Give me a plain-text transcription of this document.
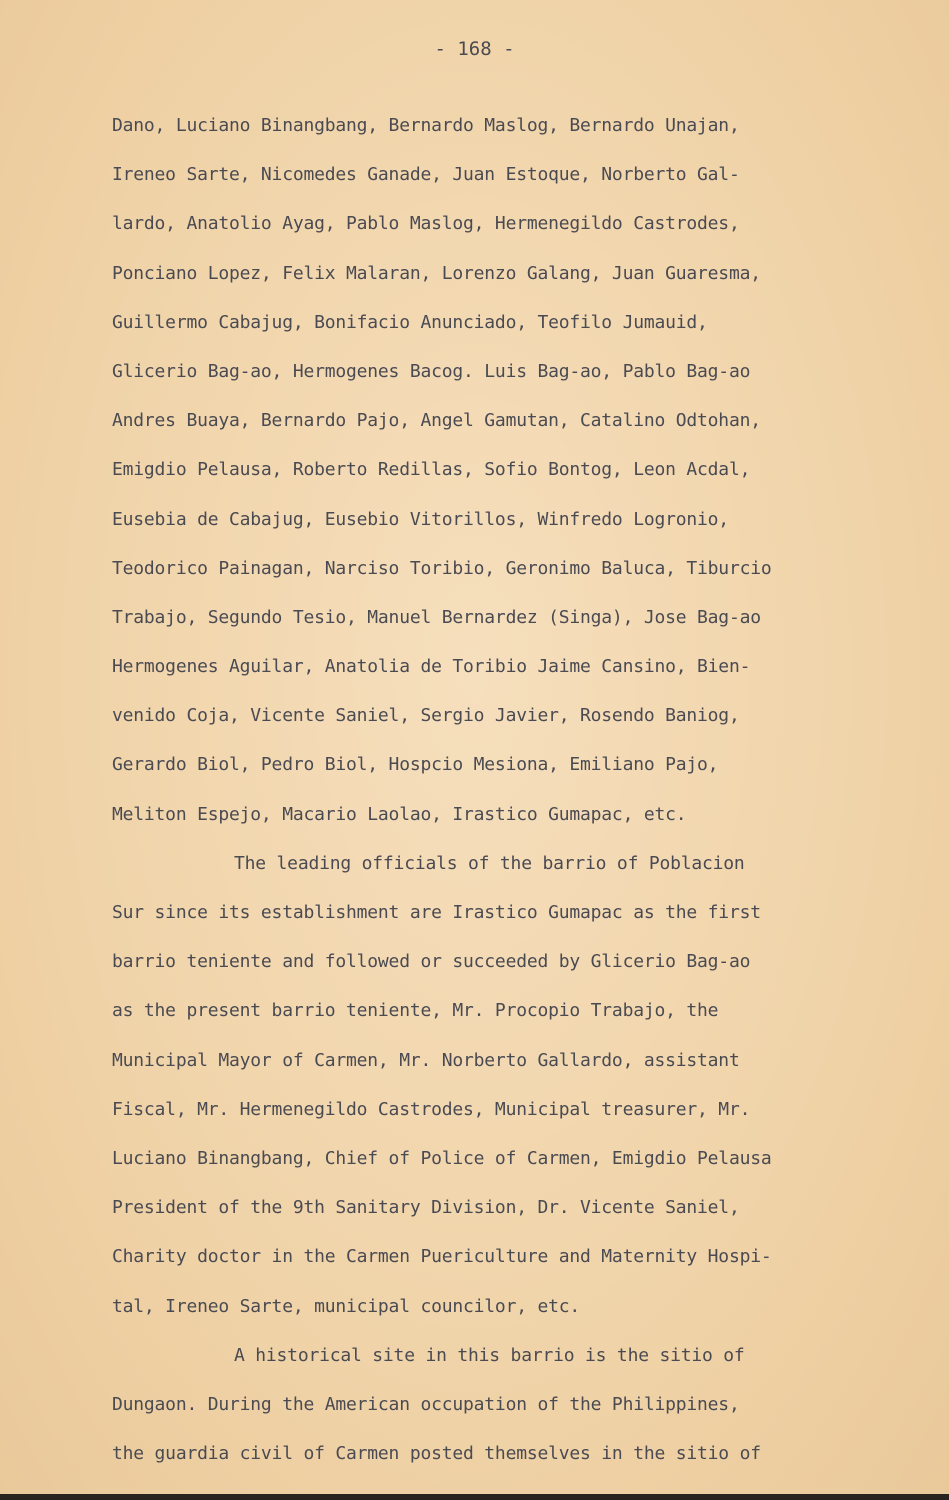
- 168 -
Dano, Luciano Binangbang, Bernardo Maslog, Bernardo Unajan,
Ireneo Sarte, Nicomedes Ganade, Juan Estoque, Norberto Gal-
lardo, Anatolio Ayag, Pablo Maslog, Hermenegildo Castrodes,
Ponciano Lopez, Felix Malaran, Lorenzo Galang, Juan Guaresma,
Guillermo Cabajug, Bonifacio Anunciado, Teofilo Jumauid,
Glicerio Bag-ao, Hermogenes Bacog. Luis Bag-ao, Pablo Bag-ao
Andres Buaya, Bernardo Pajo, Angel Gamutan, Catalino Odtohan,
Emigdio Pelausa, Roberto Redillas, Sofio Bontog, Leon Acdal,
Eusebia de Cabajug, Eusebio Vitorillos, Winfredo Logronio,
Teodorico Painagan, Narciso Toribio, Geronimo Baluca, Tiburcio
Trabajo, Segundo Tesio, Manuel Bernardez (Singa), Jose Bag-ao
Hermogenes Aguilar, Anatolia de Toribio Jaime Cansino, Bien-
venido Coja, Vicente Saniel, Sergio Javier, Rosendo Baniog,
Gerardo Biol, Pedro Biol, Hospcio Mesiona, Emiliano Pajo,
Meliton Espejo, Macario Laolao, Irastico Gumapac, etc.
The leading officials of the barrio of Poblacion
Sur since its establishment are Irastico Gumapac as the first
barrio teniente and followed or succeeded by Glicerio Bag-ao
as the present barrio teniente, Mr. Procopio Trabajo, the
Municipal Mayor of Carmen, Mr. Norberto Gallardo, assistant
Fiscal, Mr. Hermenegildo Castrodes, Municipal treasurer, Mr.
Luciano Binangbang, Chief of Police of Carmen, Emigdio Pelausa
President of the 9th Sanitary Division, Dr. Vicente Saniel,
Charity doctor in the Carmen Puericulture and Maternity Hospi-
tal, Ireneo Sarte, municipal councilor, etc.
A historical site in this barrio is the sitio of
Dungaon. During the American occupation of the Philippines,
the guardia civil of Carmen posted themselves in the sitio of
